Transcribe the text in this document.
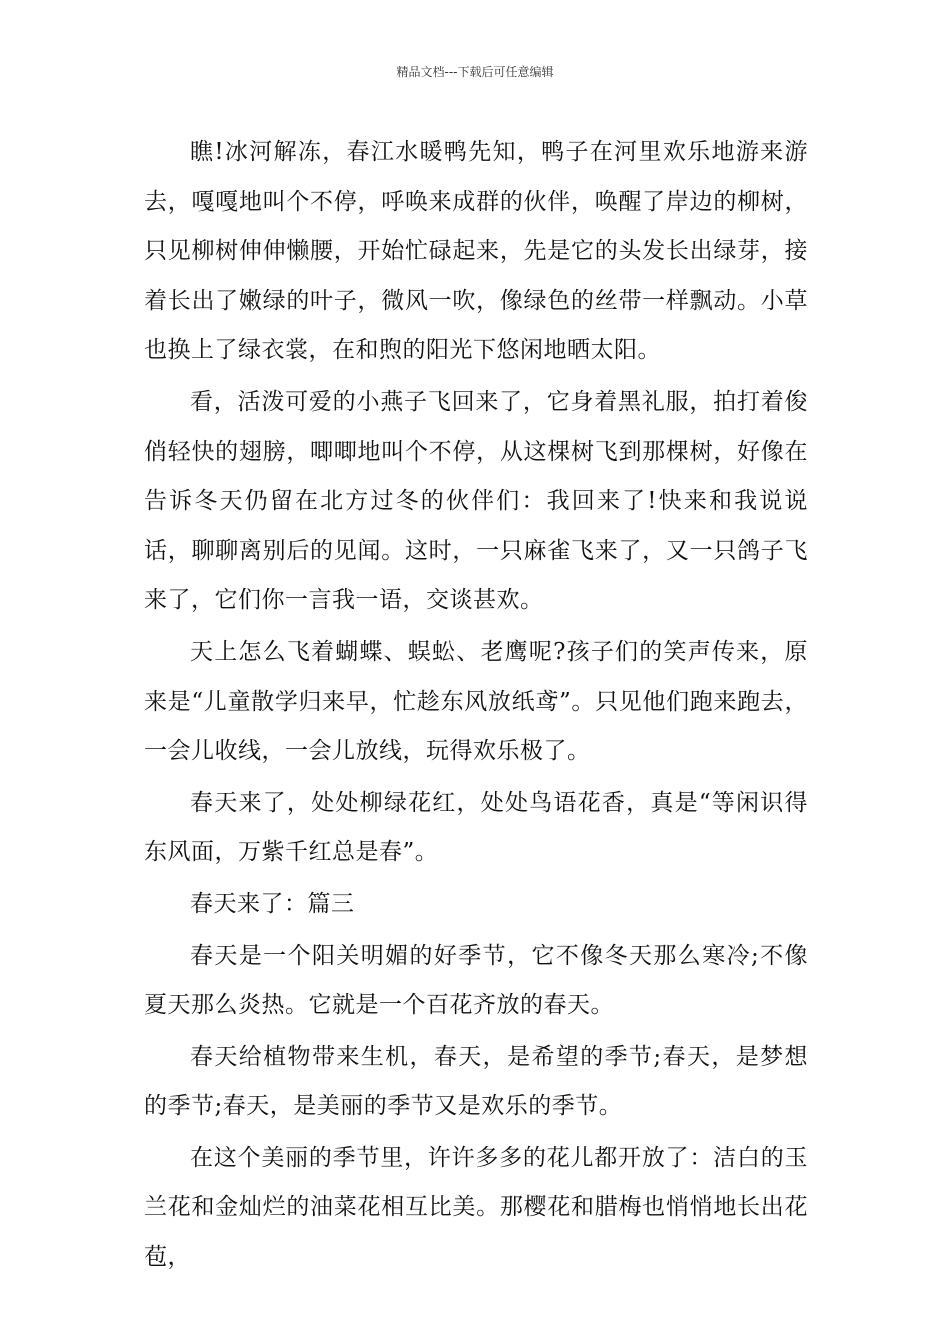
精品文档---下载后可任意编辑

瞧!冰河解冻，春江水暖鸭先知，鸭子在河里欢乐地游来游去，嘎嘎地叫个不停，呼唤来成群的伙伴，唤醒了岸边的柳树，只见柳树伸伸懒腰，开始忙碌起来，先是它的头发长出绿芽，接着长出了嫩绿的叶子，微风一吹，像绿色的丝带一样飘动。小草也换上了绿衣裳，在和煦的阳光下悠闲地晒太阳。

看，活泼可爱的小燕子飞回来了，它身着黑礼服，拍打着俊俏轻快的翅膀，唧唧地叫个不停，从这棵树飞到那棵树，好像在告诉冬天仍留在北方过冬的伙伴们：我回来了!快来和我说说话，聊聊离别后的见闻。这时，一只麻雀飞来了，又一只鸽子飞来了，它们你一言我一语，交谈甚欢。

天上怎么飞着蝴蝶、蜈蚣、老鹰呢?孩子们的笑声传来，原来是“儿童散学归来早，忙趁东风放纸鸢”。只见他们跑来跑去，一会儿收线，一会儿放线，玩得欢乐极了。

春天来了，处处柳绿花红，处处鸟语花香，真是“等闲识得东风面，万紫千红总是春”。

春天来了：篇三

春天是一个阳关明媚的好季节，它不像冬天那么寒冷;不像夏天那么炎热。它就是一个百花齐放的春天。

春天给植物带来生机，春天，是希望的季节;春天，是梦想的季节;春天，是美丽的季节又是欢乐的季节。

在这个美丽的季节里，许许多多的花儿都开放了：洁白的玉兰花和金灿烂的油菜花相互比美。那樱花和腊梅也悄悄地长出花苞，
